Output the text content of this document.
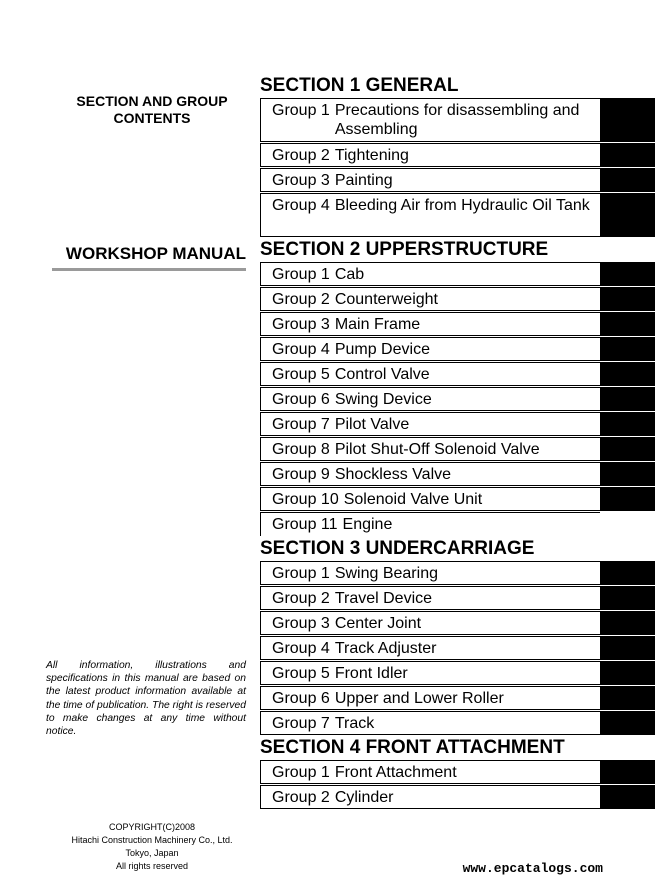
SECTION AND GROUP
CONTENTS
WORKSHOP MANUAL
All information, illustrations and specifications in this manual are based on the latest product information available at the time of publication. The right is reserved to make changes at any time without notice.
COPYRIGHT(C)2008
Hitachi Construction Machinery Co., Ltd.
Tokyo, Japan
All rights reserved
SECTION 1 GENERAL
Group 1 Precautions for disassembling and Assembling
Group 2 Tightening
Group 3 Painting
Group 4 Bleeding Air from Hydraulic Oil Tank
SECTION 2 UPPERSTRUCTURE
Group 1 Cab
Group 2 Counterweight
Group 3 Main Frame
Group 4 Pump Device
Group 5 Control Valve
Group 6 Swing Device
Group 7 Pilot Valve
Group 8 Pilot Shut-Off Solenoid Valve
Group 9 Shockless Valve
Group 10 Solenoid Valve Unit
Group 11 Engine
SECTION 3 UNDERCARRIAGE
Group 1 Swing Bearing
Group 2 Travel Device
Group 3 Center Joint
Group 4 Track Adjuster
Group 5 Front Idler
Group 6 Upper and Lower Roller
Group 7 Track
SECTION 4 FRONT ATTACHMENT
Group 1 Front Attachment
Group 2 Cylinder
www.epcatalogs.com
